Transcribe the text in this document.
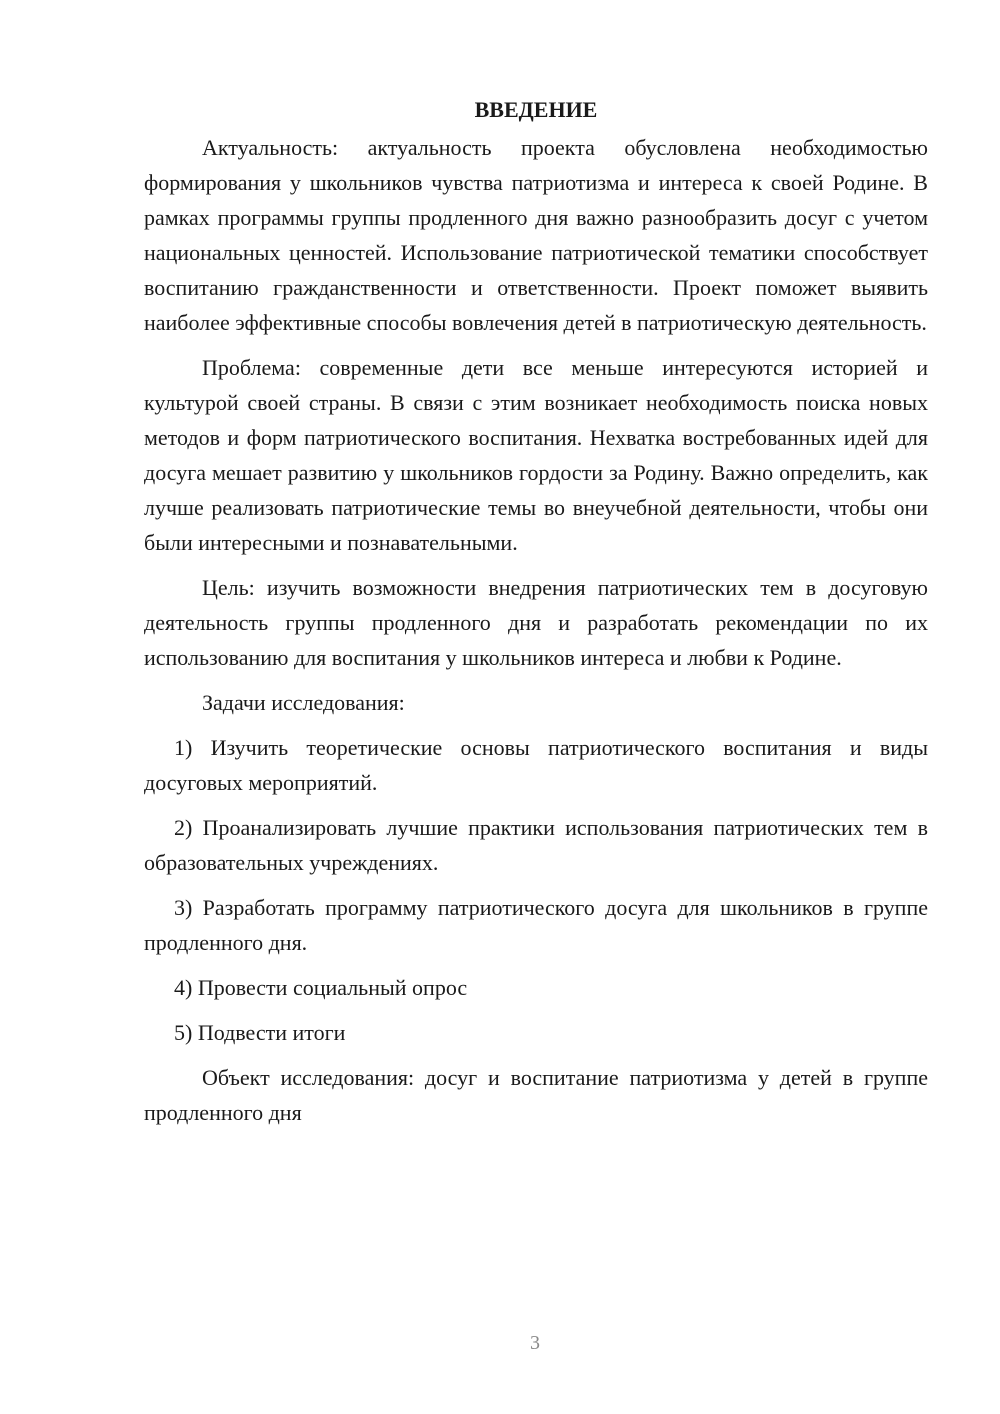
ВВЕДЕНИЕ

Актуальность: актуальность проекта обусловлена необходимостью формирования у школьников чувства патриотизма и интереса к своей Родине. В рамках программы группы продленного дня важно разнообразить досуг с учетом национальных ценностей. Использование патриотической тематики способствует воспитанию гражданственности и ответственности. Проект поможет выявить наиболее эффективные способы вовлечения детей в патриотическую деятельность.

Проблема: современные дети все меньше интересуются историей и культурой своей страны. В связи с этим возникает необходимость поиска новых методов и форм патриотического воспитания. Нехватка востребованных идей для досуга мешает развитию у школьников гордости за Родину. Важно определить, как лучше реализовать патриотические темы во внеучебной деятельности, чтобы они были интересными и познавательными.

Цель: изучить возможности внедрения патриотических тем в досуговую деятельность группы продленного дня и разработать рекомендации по их использованию для воспитания у школьников интереса и любви к Родине.

Задачи исследования:

1) Изучить теоретические основы патриотического воспитания и виды досуговых мероприятий.

2) Проанализировать лучшие практики использования патриотических тем в образовательных учреждениях.

3) Разработать программу патриотического досуга для школьников в группе продленного дня.

4) Провести социальный опрос

5) Подвести итоги

Объект исследования: досуг и воспитание патриотизма у детей в группе продленного дня

3
